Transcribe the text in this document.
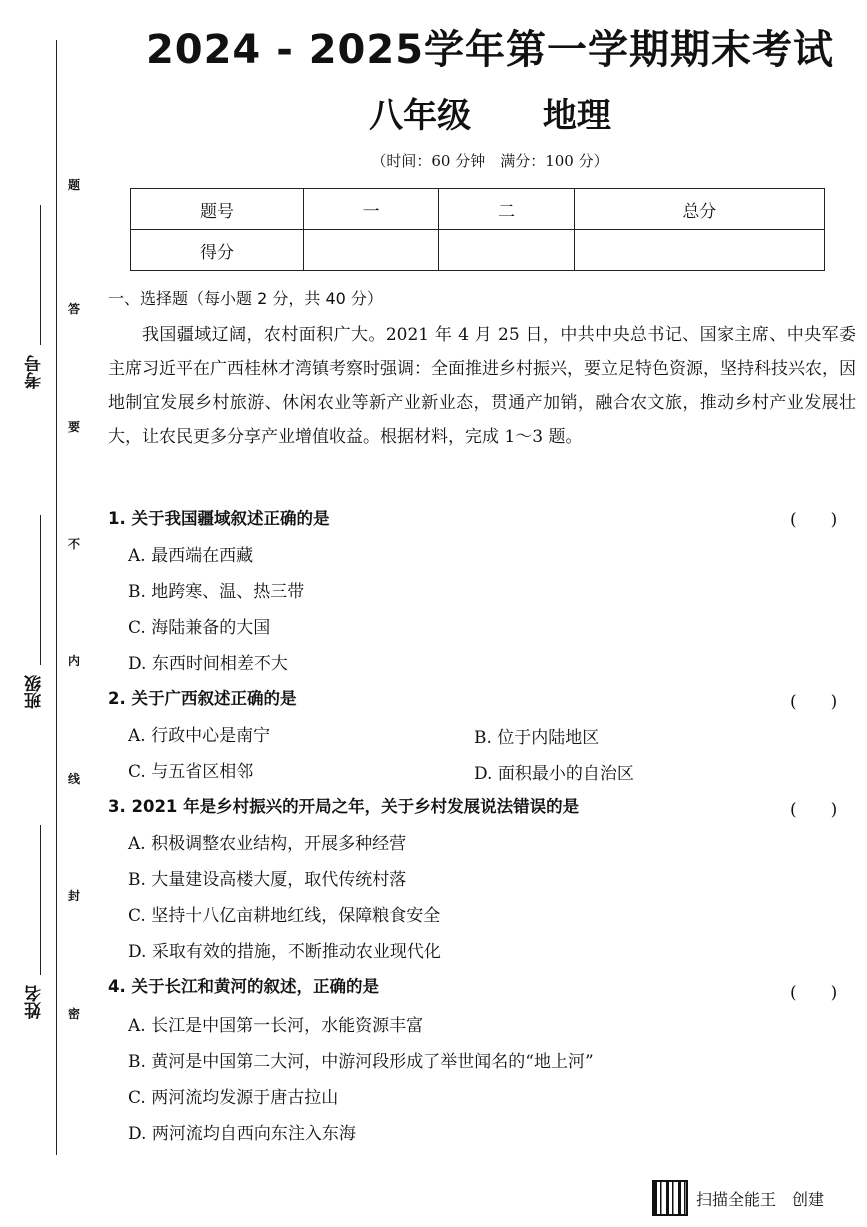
考号
班级
姓名
题
答
要
不
内
线
封
密
2024 - 2025学年第一学期期末考试
八年级 地理
（时间：60 分钟　满分：100 分）
题号	一	二	总分
得分			
一、选择题（每小题 2 分，共 40 分）

我国疆域辽阔，农村面积广大。2021 年 4 月 25 日，中共中央总书记、国家主席、中央军委主席习近平在广西桂林才湾镇考察时强调：全面推进乡村振兴，要立足特色资源，坚持科技兴农，因地制宜发展乡村旅游、休闲农业等新产业新业态，贯通产加销，融合农文旅，推动乡村产业发展壮大，让农民更多分享产业增值收益。根据材料，完成 1～3 题。

1. 关于我国疆域叙述正确的是	(　　)
A. 最西端在西藏
B. 地跨寒、温、热三带
C. 海陆兼备的大国
D. 东西时间相差不大
2. 关于广西叙述正确的是	(　　)
A. 行政中心是南宁	B. 位于内陆地区
C. 与五省区相邻	D. 面积最小的自治区
3. 2021 年是乡村振兴的开局之年，关于乡村发展说法错误的是	(　　)
A. 积极调整农业结构，开展多种经营
B. 大量建设高楼大厦，取代传统村落
C. 坚持十八亿亩耕地红线，保障粮食安全
D. 采取有效的措施，不断推动农业现代化
4. 关于长江和黄河的叙述，正确的是	(　　)
A. 长江是中国第一长河，水能资源丰富
B. 黄河是中国第二大河，中游河段形成了举世闻名的“地上河”
C. 两河流均发源于唐古拉山
D. 两河流均自西向东注入东海
扫描全能王　创建
